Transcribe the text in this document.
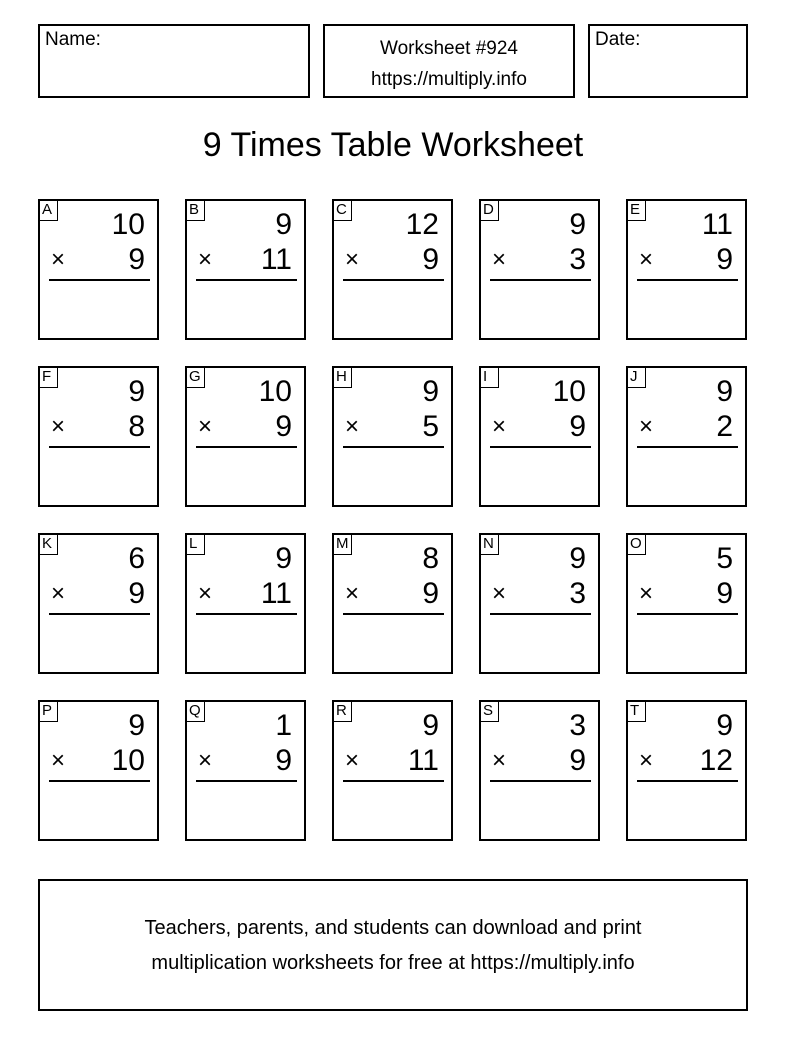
Name:	Worksheet #924
https://multiply.info
Date:
9 Times Table Worksheet
A 10
× 9
B	9
× 11
C 12
× 9
D	9
× 3
E 11
× 9
F	9
× 8
G 10
× 9
H	9
× 5
I	10
× 9
J	9
× 2
K	6
× 9
L	9
× 11
M 8
× 9
N	9
× 3
O 5
× 9
P	9
× 10
Q 1
× 9
R	9
× 11
S	3
× 9
T	9
× 12
Teachers, parents, and students can download and print
multiplication worksheets for free at https://multiply.info
